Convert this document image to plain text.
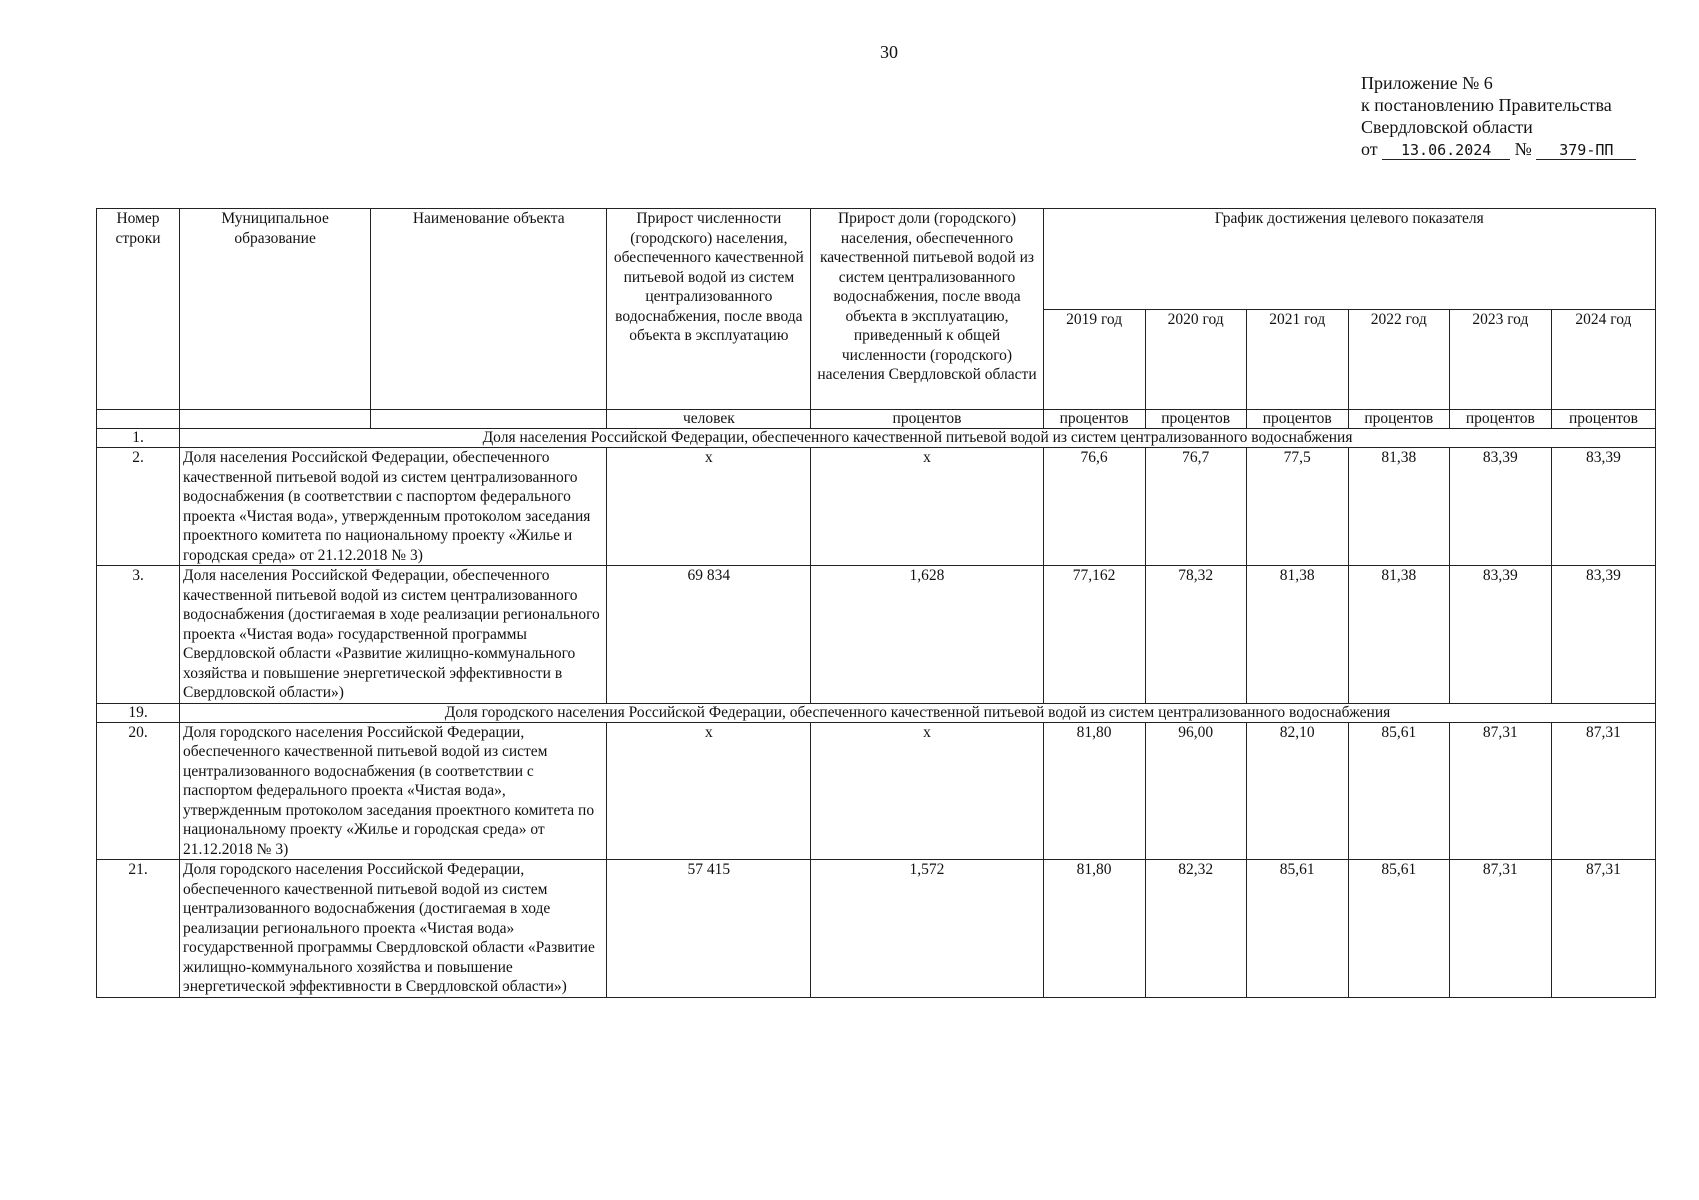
30
Приложение № 6
к постановлению Правительства
Свердловской области
от 13.06.2024 № 379-ПП
Номер строки	Муниципальное образование	Наименование объекта	Прирост численности (городского) населения, обеспеченного качественной питьевой водой из систем централизованного водоснабжения, после ввода объекта в эксплуатацию	Прирост доли (городского) населения, обеспеченного качественной питьевой водой из систем централизованного водоснабжения, после ввода объекта в эксплуатацию, приведенный к общей численности (городского) населения Свердловской области	График достижения целевого показателя					
					2019 год	2020 год	2021 год	2022 год	2023 год	2024 год
			человек	процентов	процентов	процентов	процентов	процентов	процентов	процентов
1.	Доля населения Российской Федерации, обеспеченного качественной питьевой водой из систем централизованного водоснабжения									
2.	Доля населения Российской Федерации, обеспеченного качественной питьевой водой из систем централизованного водоснабжения (в соответствии с паспортом федерального проекта «Чистая вода», утвержденным протоколом заседания проектного комитета по национальному проекту «Жилье и городская среда» от 21.12.2018 № 3)		x	x	76,6	76,7	77,5	81,38	83,39	83,39
3.	Доля населения Российской Федерации, обеспеченного качественной питьевой водой из систем централизованного водоснабжения (достигаемая в ходе реализации регионального проекта «Чистая вода» государственной программы Свердловской области «Развитие жилищно-коммунального хозяйства и повышение энергетической эффективности в Свердловской области»)		69 834	1,628	77,162	78,32	81,38	81,38	83,39	83,39
19.	Доля городского населения Российской Федерации, обеспеченного качественной питьевой водой из систем централизованного водоснабжения									
20.	Доля городского населения Российской Федерации, обеспеченного качественной питьевой водой из систем централизованного водоснабжения (в соответствии с паспортом федерального проекта «Чистая вода», утвержденным протоколом заседания проектного комитета по национальному проекту «Жилье и городская среда» от 21.12.2018 № 3)		x	x	81,80	96,00	82,10	85,61	87,31	87,31
21.	Доля городского населения Российской Федерации, обеспеченного качественной питьевой водой из систем централизованного водоснабжения (достигаемая в ходе реализации регионального проекта «Чистая вода» государственной программы Свердловской области «Развитие жилищно-коммунального хозяйства и повышение энергетической эффективности в Свердловской области»)		57 415	1,572	81,80	82,32	85,61	85,61	87,31	87,31
